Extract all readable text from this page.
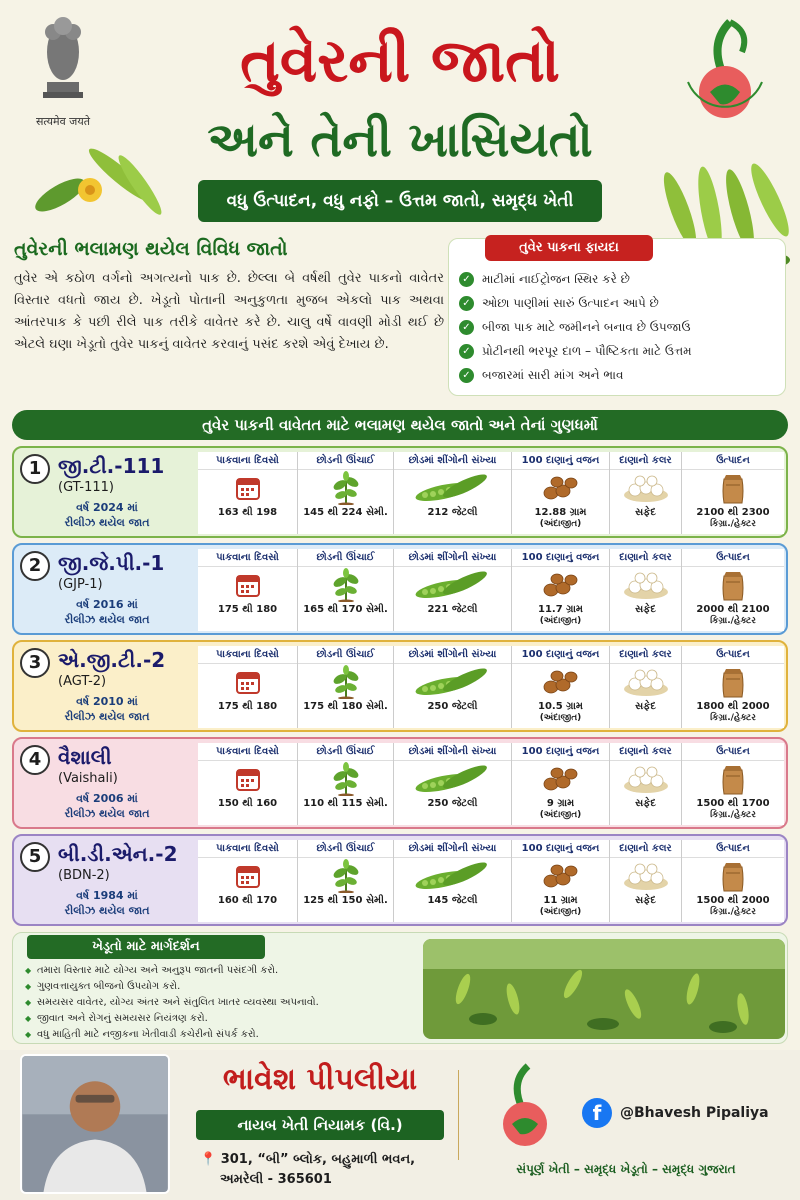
सत्यमेव जयते
તુવેરની જાતો
અને તેની ખાસિયતો
વધુ ઉત્પાદન, વધુ નફો – ઉત્તમ જાતો, સમૃદ્ધ ખેતી
તુવેરની ભલામણ થયેલ વિવિધ જાતો

તુવેર એ કઠોળ વર્ગનો અગત્યનો પાક છે. છેલ્લા બે વર્ષથી તુવેર પાકનો વાવેતર વિસ્તાર વધતો જાય છે. ખેડૂતો પોતાની અનુકુળતા મુજબ એકલો પાક અથવા આંતરપાક કે પછી રીલે પાક તરીકે વાવેતર કરે છે. ચાલુ વર્ષે વાવણી મોડી થઈ છે એટલે ઘણા ખેડૂતો તુવેર પાકનું વાવેતર કરવાનું પસંદ કરશે એવું દેખાય છે.

તુવેર પાકના ફાયદા
✓ માટીમાં નાઈટ્રોજન સ્થિર કરે છે
✓ ઓછા પાણીમાં સારું ઉત્પાદન આપે છે
✓ બીજા પાક માટે જમીનને બનાવ છે ઉપજાઉ
✓ પ્રોટીનથી ભરપૂર દાળ – પૌષ્ટિકતા માટે ઉત્તમ
✓ બજારમાં સારી માંગ અને ભાવ
તુવેર પાકની વાવેતત માટે ભલામણ થયેલ જાતો અને તેનાં ગુણધર્મો
1 જી.ટી.-111
(GT-111)
વર્ષ 2024 માં
રીલીઝ થયેલ જાત
પાકવાના દિવસો
163 થી 198
છોડની ઊંચાઈ
145 થી 224 સેમી.
છોડમાં શીંગોની સંખ્યા
212 જેટલી
100 દાણાનું વજન
12.88 ગ્રામ
(અંદાજીત)
દાણાનો કલર
સફેદ
ઉત્પાદન
2100 થી 2300
કિગ્રા./હેક્ટર
2 જી.જે.પી.-1
(GJP-1)
વર્ષ 2016 માં
રીલીઝ થયેલ જાત
પાકવાના દિવસો
175 થી 180
છોડની ઊંચાઈ
165 થી 170 સેમી.
છોડમાં શીંગોની સંખ્યા
221 જેટલી
100 દાણાનું વજન
11.7 ગ્રામ
(અંદાજીત)
દાણાનો કલર
સફેદ
ઉત્પાદન
2000 થી 2100
કિગ્રા./હેક્ટર
3 એ.જી.ટી.-2
(AGT-2)
વર્ષ 2010 માં
રીલીઝ થયેલ જાત
પાકવાના દિવસો
175 થી 180
છોડની ઊંચાઈ
175 થી 180 સેમી.
છોડમાં શીંગોની સંખ્યા
250 જેટલી
100 દાણાનું વજન
10.5 ગ્રામ
(અંદાજીત)
દાણાનો કલર
સફેદ
ઉત્પાદન
1800 થી 2000
કિગ્રા./હેક્ટર
4 વૈશાલી
(Vaishali)
વર્ષ 2006 માં
રીલીઝ થયેલ જાત
પાકવાના દિવસો
150 થી 160
છોડની ઊંચાઈ
110 થી 115 સેમી.
છોડમાં શીંગોની સંખ્યા
250 જેટલી
100 દાણાનું વજન
9 ગ્રામ
(અંદાજીત)
દાણાનો કલર
સફેદ
ઉત્પાદન
1500 થી 1700
કિગ્રા./હેક્ટર
5 બી.ડી.એન.-2
(BDN-2)
વર્ષ 1984 માં
રીલીઝ થયેલ જાત
પાકવાના દિવસો
160 થી 170
છોડની ઊંચાઈ
125 થી 150 સેમી.
છોડમાં શીંગોની સંખ્યા
145 જેટલી
100 દાણાનું વજન
11 ગ્રામ
(અંદાજીત)
દાણાનો કલર
સફેદ
ઉત્પાદન
1500 થી 2000
કિગ્રા./હેક્ટર
ખેડૂતો માટે માર્ગદર્શન
◆ તમારા વિસ્તાર માટે યોગ્ય અને અનુરૂપ જાતની પસંદગી કરો.
◆ ગુણવત્તાયુક્ત બીજનો ઉપયોગ કરો.
◆ સમયસર વાવેતર, યોગ્ય અંતર અને સંતુલિત ખાતર વ્યવસ્થા અપનાવો.
◆ જીવાત અને રોગનું સમયસર નિયંત્રણ કરો.
◆ વધુ માહિતી માટે નજીકના ખેતીવાડી કચેરીનો સંપર્ક કરો.
ભાવેશ પીપલીયા
નાયબ ખેતી નિયામક (વિ.)
📍 301, “બી” બ્લોક, બહુમાળી ભવન,
અમરેલી - 365601
f	@Bhavesh Pipaliya
સંપૂર્ણ ખેતી – સમૃદ્ધ ખેડૂતો – સમૃદ્ધ ગુજરાત
